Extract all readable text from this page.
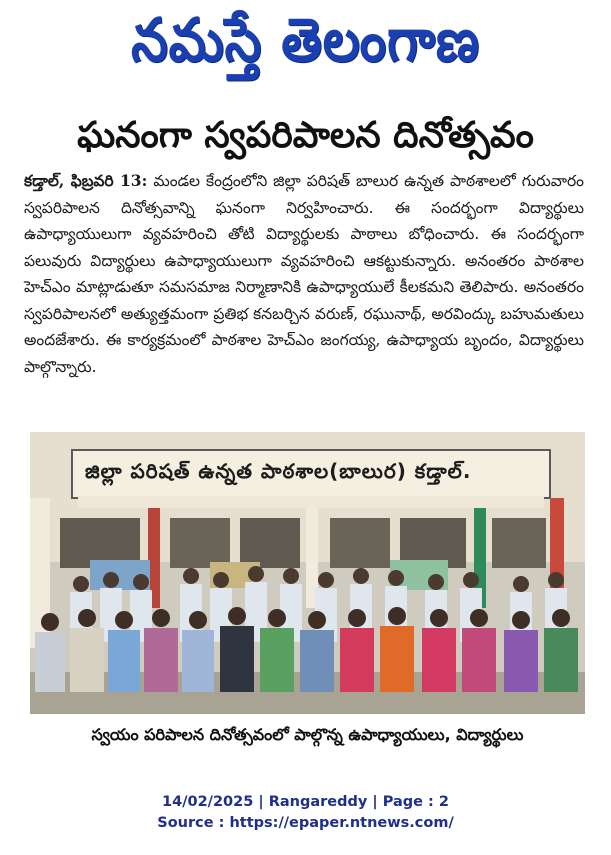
నమస్తే తెలంగాణ
ఘనంగా స్వపరిపాలన దినోత్సవం
కడ్తాల్, ఫిబ్రవరి 13: మండల కేంద్రంలోని జిల్లా పరిషత్ బాలుర ఉన్నత పాఠశాలలో గురువారం స్వపరిపాలన దినోత్సవాన్ని ఘనంగా నిర్వహించారు. ఈ సందర్భంగా విద్యార్థులు ఉపాధ్యాయులుగా వ్యవహరించి తోటి విద్యార్థులకు పాఠాలు బోధించారు. ఈ సందర్భంగా పలువురు విద్యార్థులు ఉపాధ్యాయులుగా వ్యవహరించి ఆకట్టుకున్నారు. అనంతరం పాఠశాల హెచ్ఎం మాట్లాడుతూ సమసమాజ నిర్మాణానికి ఉపాధ్యాయులే కీలకమని తెలిపారు. అనంతరం స్వపరిపాలనలో అత్యుత్తమంగా ప్రతిభ కనబర్చిన వరుణ్, రఘునాథ్, అరవింద్కు బహుమతులు అందజేశారు. ఈ కార్యక్రమంలో పాఠశాల హెచ్ఎం జంగయ్య, ఉపాధ్యాయ బృందం, విద్యార్థులు పాల్గొన్నారు.
జిల్లా పరిషత్ ఉన్నత పాఠశాల(బాలుర) కడ్తాల్.
స్వయం పరిపాలన దినోత్సవంలో పాల్గొన్న ఉపాధ్యాయులు, విద్యార్థులు
14/02/2025 | Rangareddy | Page : 2
Source : https://epaper.ntnews.com/
